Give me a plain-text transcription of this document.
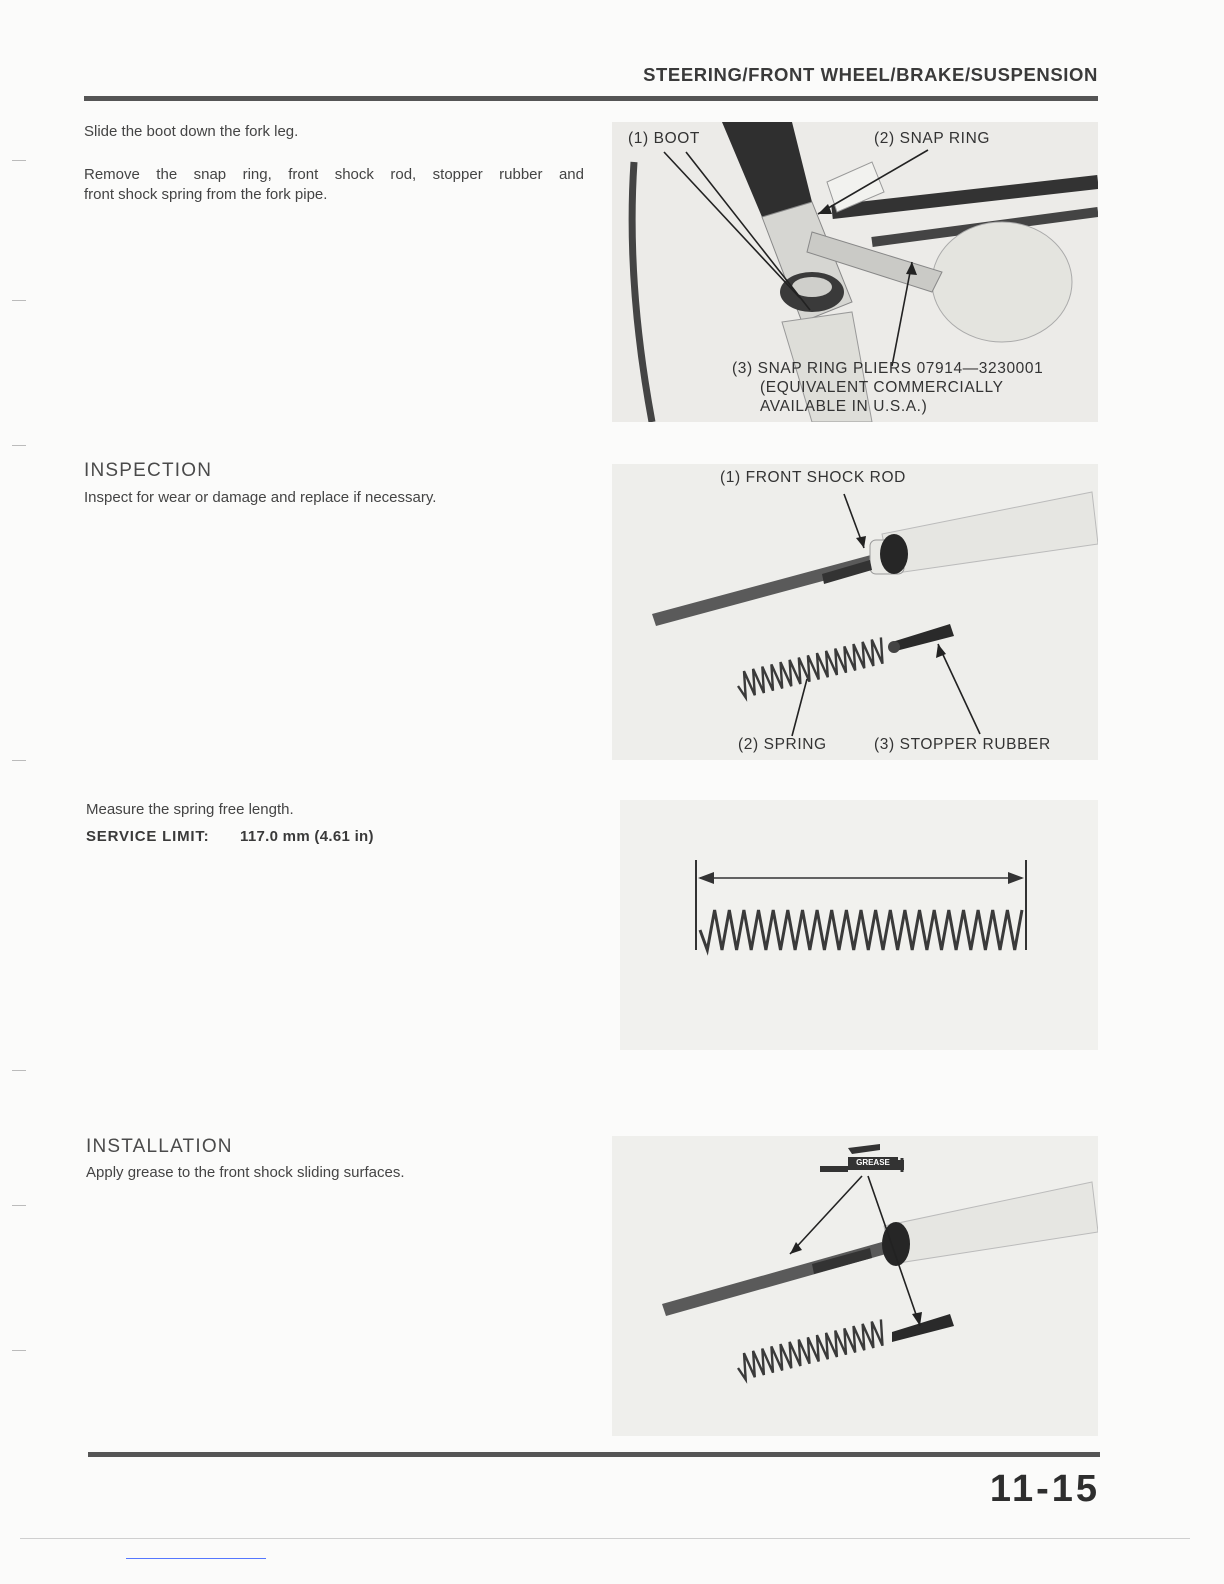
STEERING/FRONT WHEEL/BRAKE/SUSPENSION
Slide the boot down the fork leg.
Remove the snap ring, front shock rod, stopper rubber and
front shock spring from the fork pipe.
(1) BOOT	(2) SNAP RING
(3) SNAP RING PLIERS 07914—3230001
(EQUIVALENT COMMERCIALLY
AVAILABLE IN U.S.A.)
INSPECTION
Inspect for wear or damage and replace if necessary.
(1) FRONT SHOCK ROD
(2) SPRING	(3) STOPPER RUBBER
Measure the spring free length.
SERVICE LIMIT: 117.0 mm (4.61 in)
INSTALLATION
Apply grease to the front shock sliding surfaces.
GREASE
11-15
